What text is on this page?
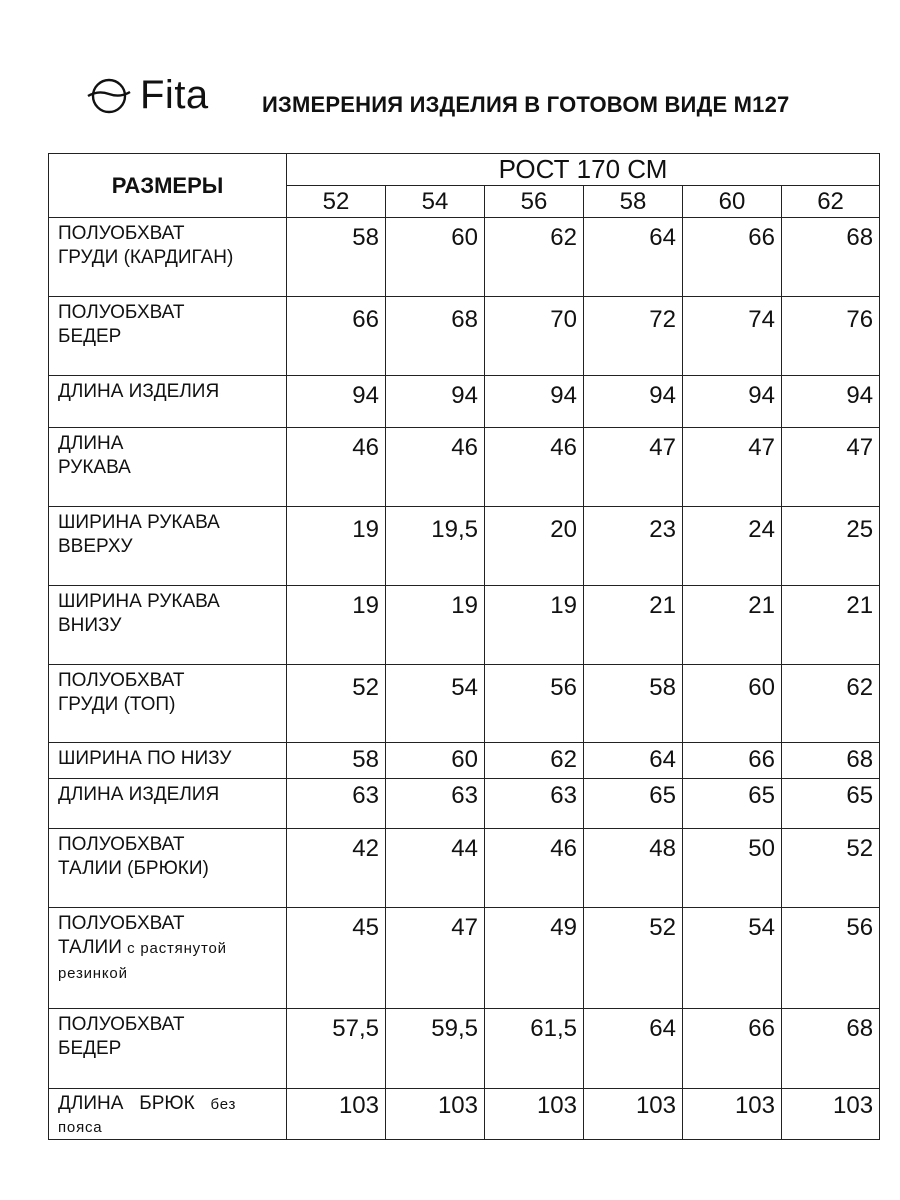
Fita ИЗМЕРЕНИЯ ИЗДЕЛИЯ В ГОТОВОМ ВИДЕ М127
РАЗМЕРЫ	РОСТ 170 СМ					
	52	54	56	58	60	62
ПОЛУОБХВАТ
ГРУДИ (КАРДИГАН)	58	60	62	64	66	68
ПОЛУОБХВАТ
БЕДЕР	66	68	70	72	74	76
ДЛИНА ИЗДЕЛИЯ	94	94	94	94	94	94
ДЛИНА
РУКАВА	46	46	46	47	47	47
ШИРИНА РУКАВА
ВВЕРХУ	19	19,5	20	23	24	25
ШИРИНА РУКАВА
ВНИЗУ	19	19	19	21	21	21
ПОЛУОБХВАТ
ГРУДИ (ТОП)	52	54	56	58	60	62
ШИРИНА ПО НИЗУ	58	60	62	64	66	68
ДЛИНА ИЗДЕЛИЯ	63	63	63	65	65	65
ПОЛУОБХВАТ
ТАЛИИ (БРЮКИ)	42	44	46	48	50	52
ПОЛУОБХВАТ
ТАЛИИ с растянутой
резинкой	45	47	49	52	54	56
ПОЛУОБХВАТ
БЕДЕР	57,5	59,5	61,5	64	66	68
ДЛИНА БРЮК без
пояса	103	103	103	103	103	103
